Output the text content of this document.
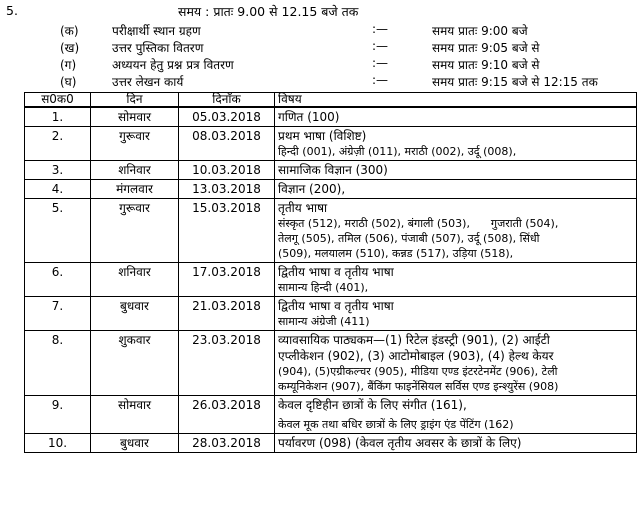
5.	समय : प्रातः 9.00 से 12.15 बजे तक
(क)	परीक्षार्थी स्थान ग्रहण	:—	समय प्रातः 9:00 बजे
(ख)	उत्तर पुस्तिका वितरण	:—	समय प्रातः 9:05 बजे से
(ग)	अध्ययन हेतु प्रश्न प्रत्र वितरण	:—	समय प्रातः 9:10 बजे से
(घ)	उत्तर लेखन कार्य	:—	समय प्रातः 9:15 बजे से 12:15 तक
स0क0	दिन	दिनाँक	विषय
1.	सोमवार	05.03.2018	गणित (100)

2.	गुरूवार	08.03.2018	प्रथम भाषा (विशिष्ट)
हिन्दी (001), अंग्रेज़ी (011), मराठी (002), उर्दू (008),

3.	शनिवार	10.03.2018	सामाजिक विज्ञान (300)

4.	मंगलवार	13.03.2018	विज्ञान (200),

5.	गुरूवार	15.03.2018	तृतीय भाषा
संस्कृत (512), मराठी (502), बंगाली (503),      गुजराती (504),
तेलगू (505), तमिल (506), पंजाबी (507), उर्दू (508), सिंधी
(509), मलयालम (510), कन्नड (517), उड़िया (518),

6.	शनिवार	17.03.2018	द्वितीय भाषा व तृतीय भाषा
सामान्य हिन्दी (401),

7.	बुधवार	21.03.2018	द्वितीय भाषा व तृतीय भाषा
सामान्य अंग्रेजी (411)

8.	शुकवार	23.03.2018	व्यावसायिक पाठ्यकम—(1) रिटेल इंडस्ट्री (901), (2) आईटी
एप्लीकेशन (902), (3) आटोमोबाइल (903), (4) हेल्थ केयर
(904), (5)एग्रीकल्चर (905), मीडिया एण्ड इंटरटेनमेंट (906), टेली
कम्यूनिकेशन (907), बैंकिंग फाइनेंसियल सर्विस एण्ड इन्श्युरेंस (908)

9.	सोमवार	26.03.2018	केवल दृष्टिहीन छात्रों के लिए संगीत (161),
केवल मूक तथा बधिर छात्रों के लिए ड्राइंग एंड पेंटिंग (162)

10.	बुधवार	28.03.2018	पर्यावरण (098) (केवल तृतीय अवसर के छात्रों के लिए)
